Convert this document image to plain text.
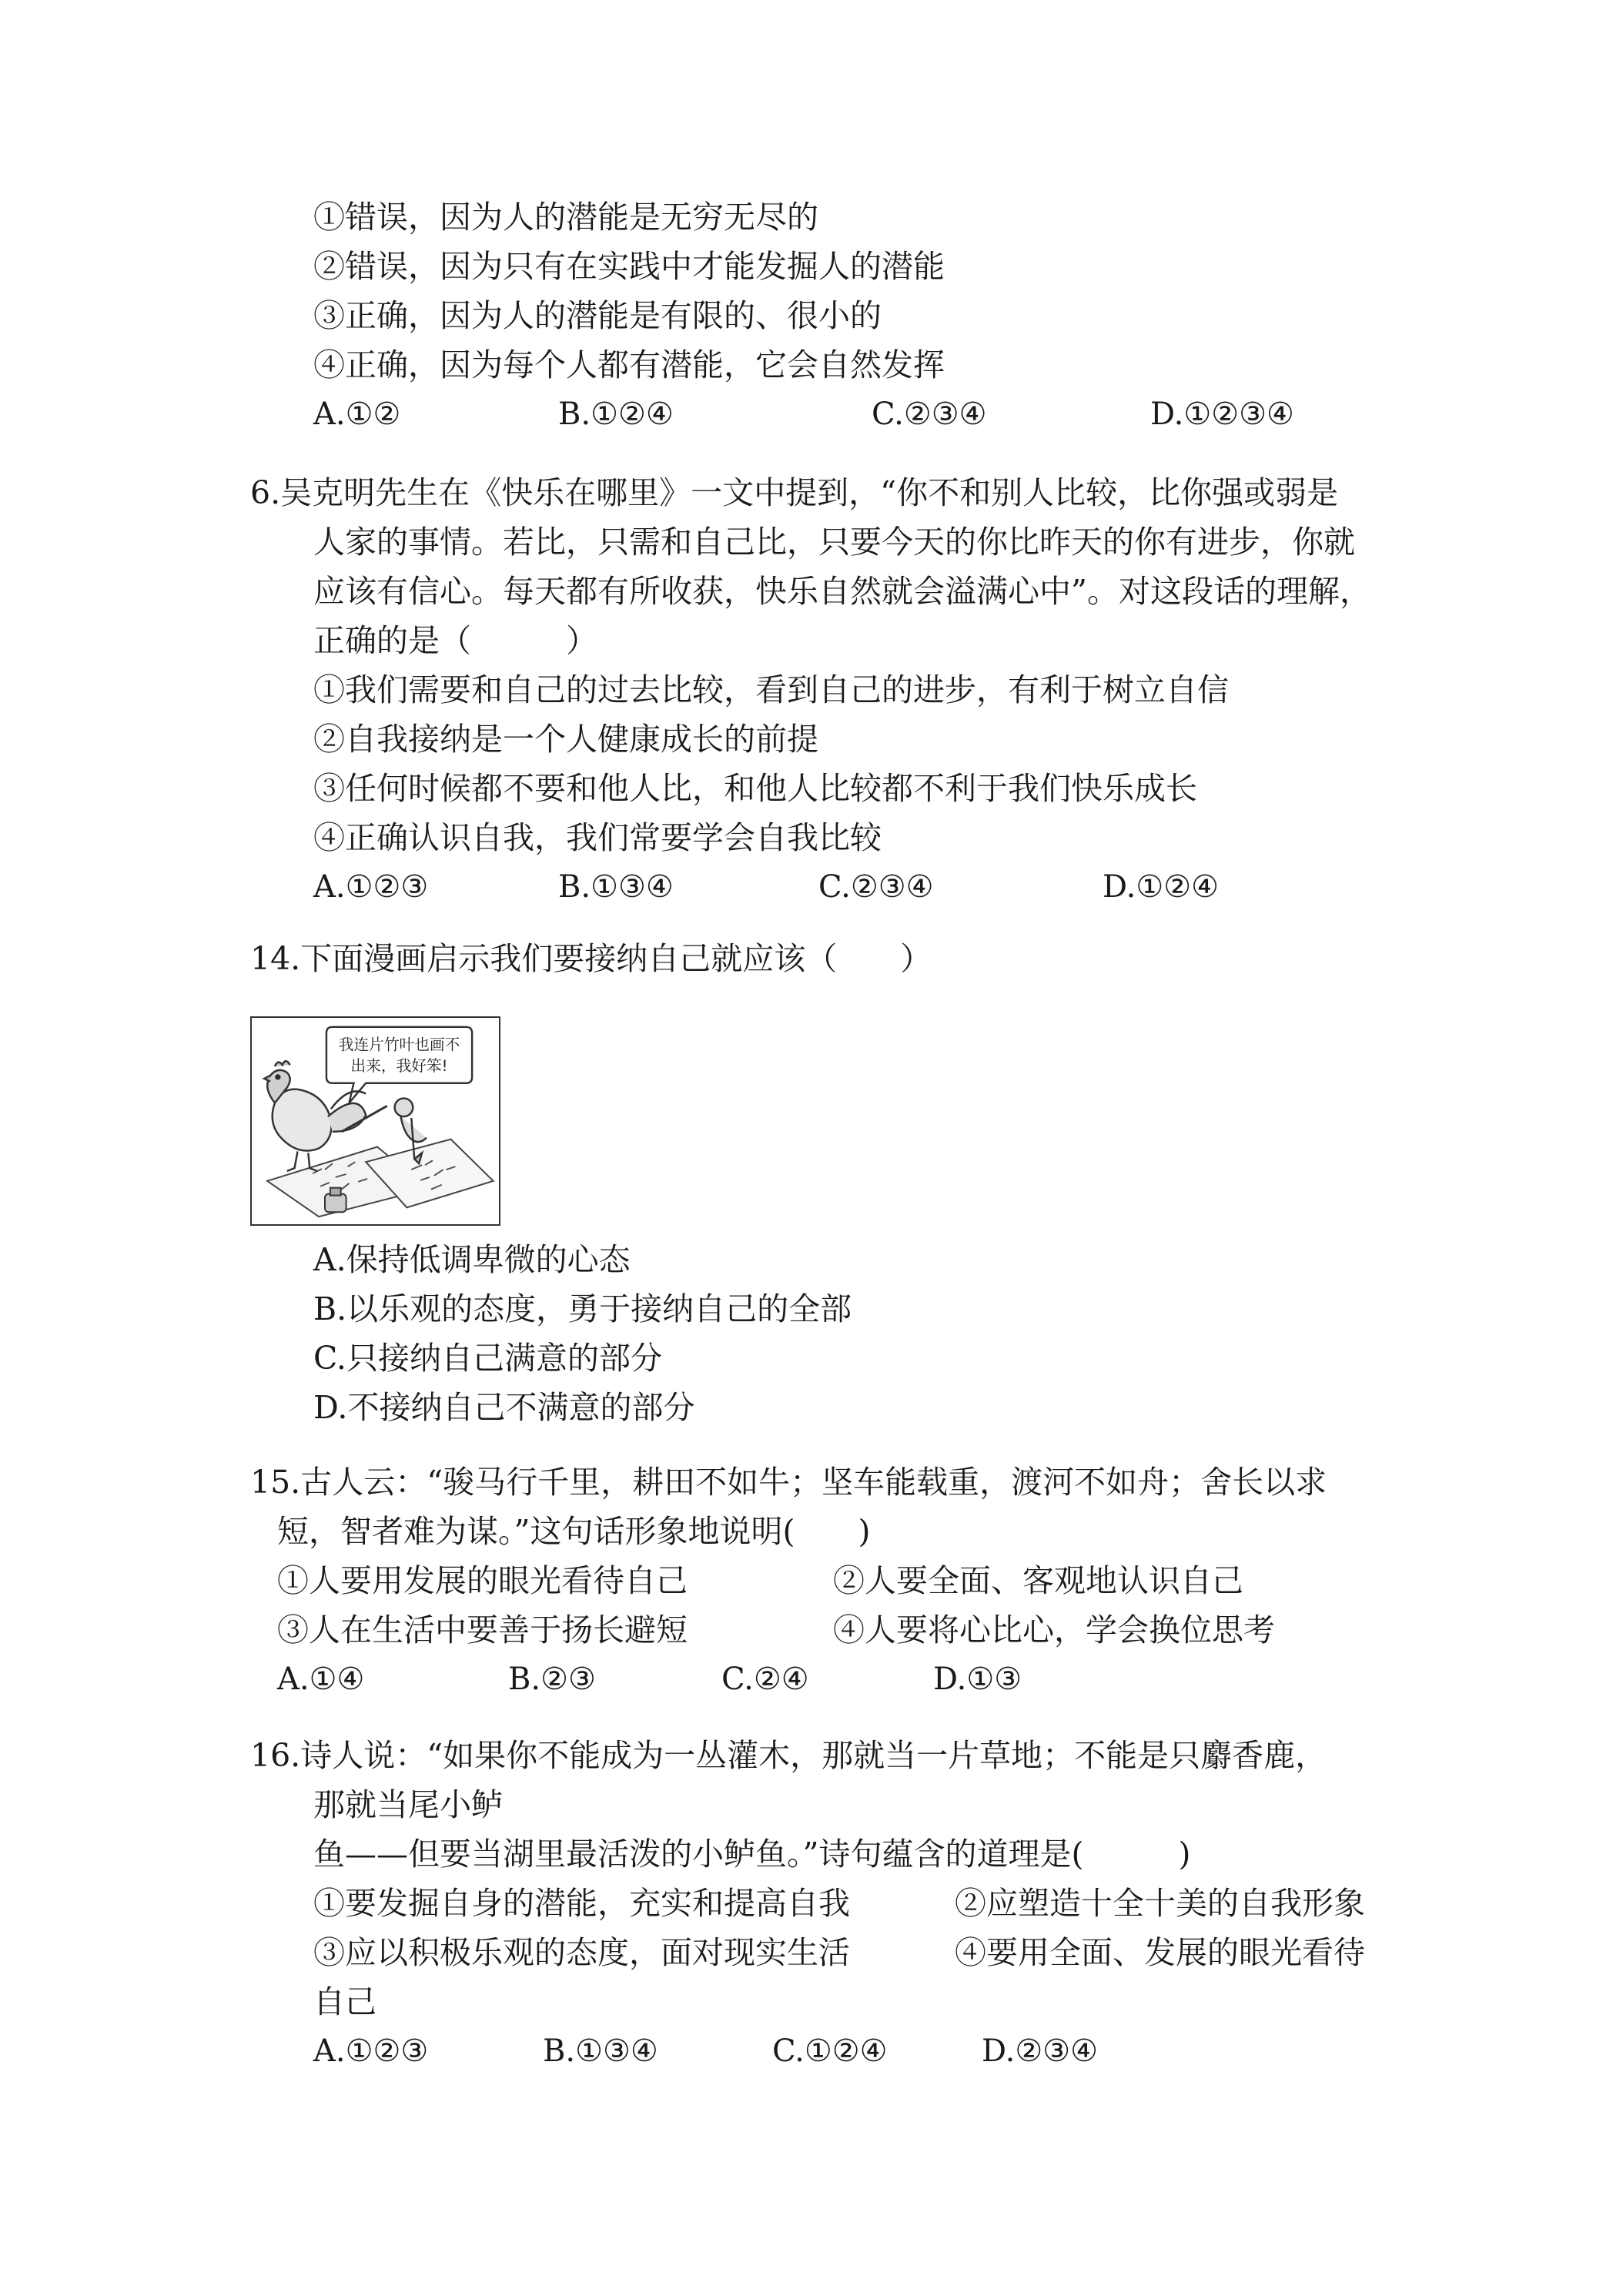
①错误，因为人的潜能是无穷无尽的
②错误，因为只有在实践中才能发掘人的潜能
③正确，因为人的潜能是有限的、很小的
④正确，因为每个人都有潜能，它会自然发挥
A.①②	B.①②④	C.②③④	D.①②③④
6.吴克明先生在《快乐在哪里》一文中提到，“你不和别人比较，比你强或弱是
人家的事情。若比，只需和自己比，只要今天的你比昨天的你有进步，你就
应该有信心。每天都有所收获，快乐自然就会溢满心中”。对这段话的理解，
正确的是（　　　）
①我们需要和自己的过去比较，看到自己的进步，有利于树立自信
②自我接纳是一个人健康成长的前提
③任何时候都不要和他人比，和他人比较都不利于我们快乐成长
④正确认识自我，我们常要学会自我比较
A.①②③	B.①③④	C.②③④	D.①②④
14.下面漫画启示我们要接纳自己就应该（　　）
我连片竹叶也画不
出来，我好笨!
A.保持低调卑微的心态
B.以乐观的态度，勇于接纳自己的全部
C.只接纳自己满意的部分
D.不接纳自己不满意的部分
15.古人云：“骏马行千里，耕田不如牛；坚车能载重，渡河不如舟；舍长以求
短，智者难为谋。”这句话形象地说明(　　)
①人要用发展的眼光看待自己	②人要全面、客观地认识自己
③人在生活中要善于扬长避短	④人要将心比心，学会换位思考
A.①④	B.②③	C.②④	D.①③
16.诗人说：“如果你不能成为一丛灌木，那就当一片草地；不能是只麝香鹿，
那就当尾小鲈
鱼——但要当湖里最活泼的小鲈鱼。”诗句蕴含的道理是(　　　)
①要发掘自身的潜能，充实和提高自我	②应塑造十全十美的自我形象
③应以积极乐观的态度，面对现实生活	④要用全面、发展的眼光看待
自己
A.①②③	B.①③④	C.①②④	D.②③④
